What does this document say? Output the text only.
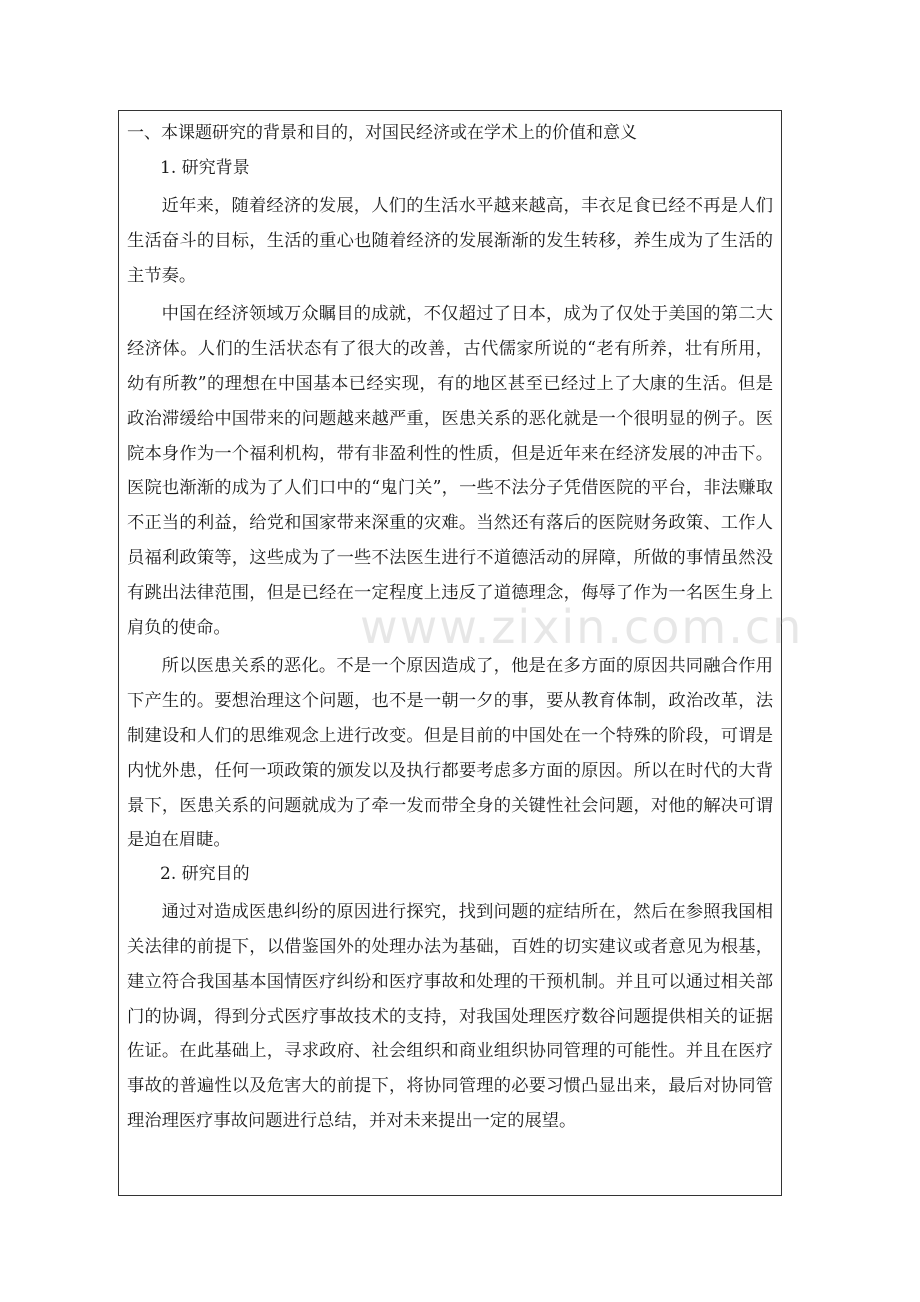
一、本课题研究的背景和目的，对国民经济或在学术上的价值和意义
1. 研究背景

近年来，随着经济的发展，人们的生活水平越来越高，丰衣足食已经不再是人们生活奋斗的目标，生活的重心也随着经济的发展渐渐的发生转移，养生成为了生活的主节奏。

中国在经济领域万众瞩目的成就，不仅超过了日本，成为了仅处于美国的第二大经济体。人们的生活状态有了很大的改善，古代儒家所说的“老有所养，壮有所用，幼有所教”的理想在中国基本已经实现，有的地区甚至已经过上了大康的生活。但是政治滞缓给中国带来的问题越来越严重，医患关系的恶化就是一个很明显的例子。医院本身作为一个福利机构，带有非盈利性的性质，但是近年来在经济发展的冲击下。医院也渐渐的成为了人们口中的“鬼门关”，一些不法分子凭借医院的平台，非法赚取不正当的利益，给党和国家带来深重的灾难。当然还有落后的医院财务政策、工作人员福利政策等，这些成为了一些不法医生进行不道德活动的屏障，所做的事情虽然没有跳出法律范围，但是已经在一定程度上违反了道德理念，侮辱了作为一名医生身上肩负的使命。

所以医患关系的恶化。不是一个原因造成了，他是在多方面的原因共同融合作用下产生的。要想治理这个问题，也不是一朝一夕的事，要从教育体制，政治改革，法制建设和人们的思维观念上进行改变。但是目前的中国处在一个特殊的阶段，可谓是内忧外患，任何一项政策的颁发以及执行都要考虑多方面的原因。所以在时代的大背景下，医患关系的问题就成为了牵一发而带全身的关键性社会问题，对他的解决可谓是迫在眉睫。

2. 研究目的

通过对造成医患纠纷的原因进行探究，找到问题的症结所在，然后在参照我国相关法律的前提下，以借鉴国外的处理办法为基础，百姓的切实建议或者意见为根基，建立符合我国基本国情医疗纠纷和医疗事故和处理的干预机制。并且可以通过相关部门的协调，得到分式医疗事故技术的支持，对我国处理医疗数谷问题提供相关的证据佐证。在此基础上，寻求政府、社会组织和商业组织协同管理的可能性。并且在医疗事故的普遍性以及危害大的前提下，将协同管理的必要习惯凸显出来，最后对协同管理治理医疗事故问题进行总结，并对未来提出一定的展望。

www.zixin.com.cn
